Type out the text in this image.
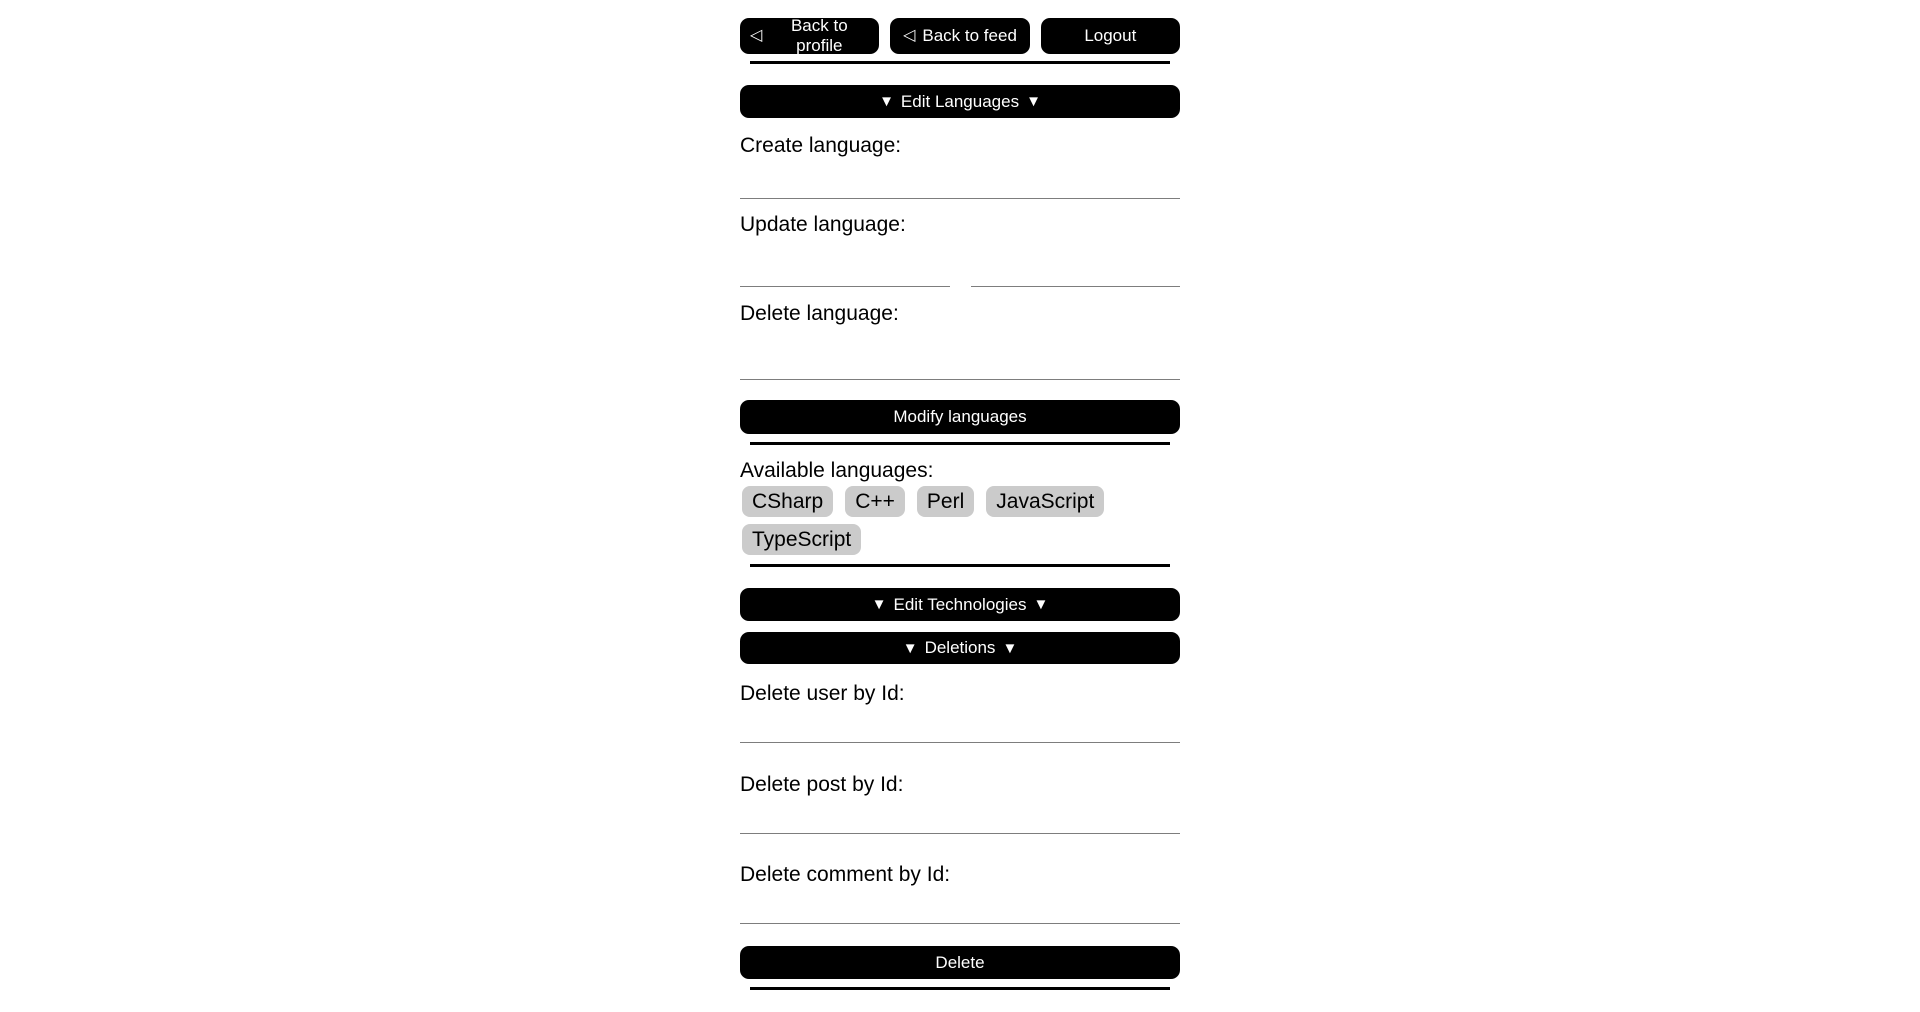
◁
Back to profile
◁ Back to feed	Logout
▼ Edit Languages ▼
Create language:
Update language:
Delete language:
Modify languages
Available languages:
CSharp	C++	Perl	JavaScript
TypeScript
▼ Edit Technologies ▼
▼ Deletions ▼
Delete user by Id:
Delete post by Id:
Delete comment by Id:
Delete
